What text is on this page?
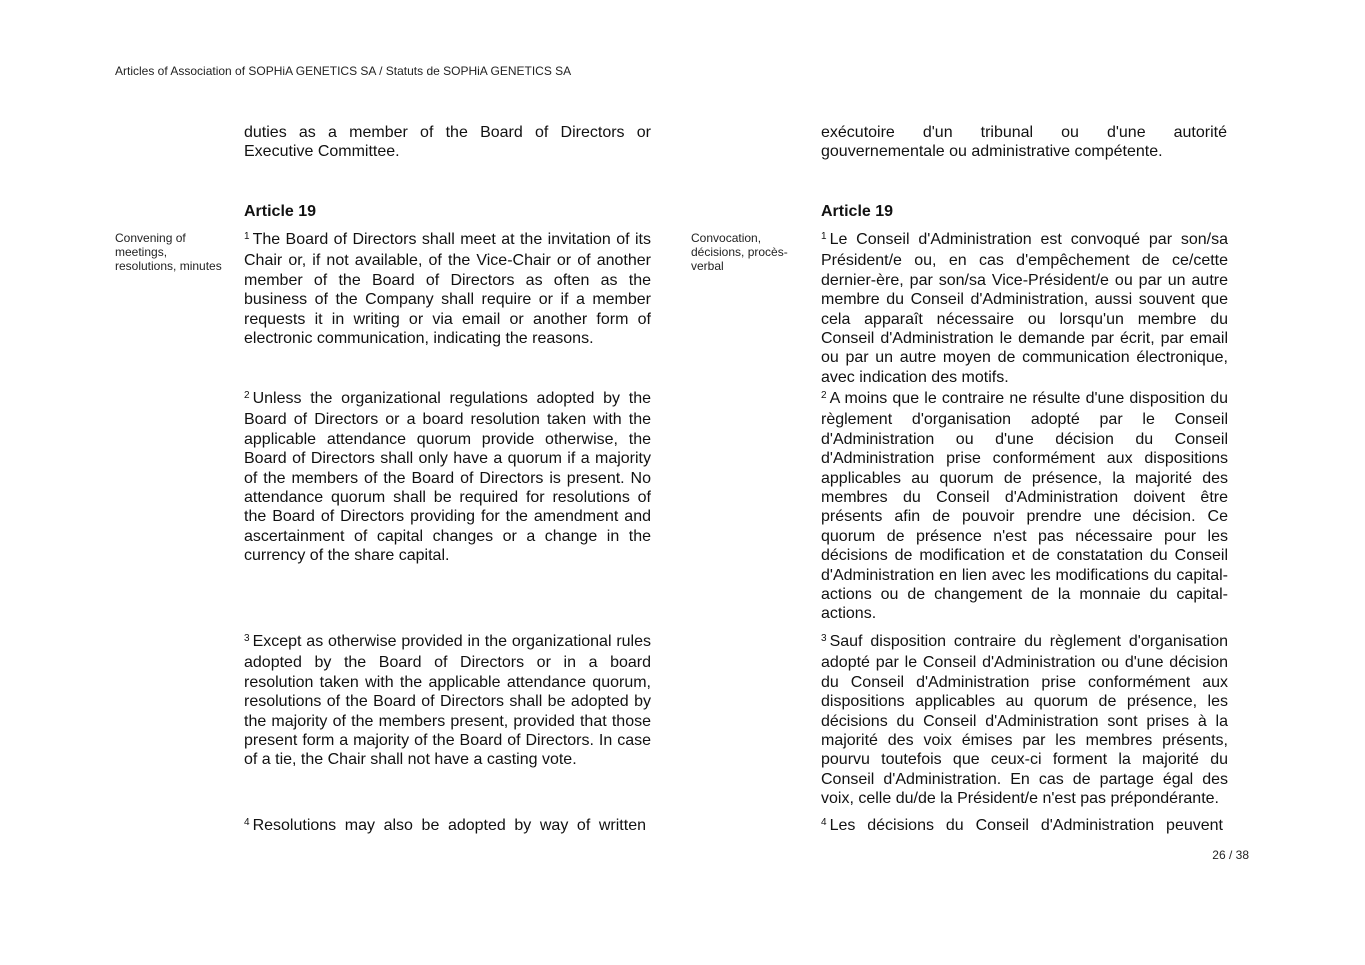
Articles of Association of SOPHiA GENETICS SA / Statuts de SOPHiA GENETICS SA

duties as a member of the Board of Directors or Executive Committee.

Article 19
Convening of meetings, resolutions, minutes

$^1$ The Board of Directors shall meet at the invitation of its Chair or, if not available, of the Vice-Chair or of another member of the Board of Directors as often as the business of the Company shall require or if a member requests it in writing or via email or another form of electronic communication, indicating the reasons.

$^2$ Unless the organizational regulations adopted by the Board of Directors or a board resolution taken with the applicable attendance quorum provide otherwise, the Board of Directors shall only have a quorum if a majority of the members of the Board of Directors is present. No attendance quorum shall be required for resolutions of the Board of Directors providing for the amendment and ascertainment of capital changes or a change in the currency of the share capital.

$^3$ Except as otherwise provided in the organizational rules adopted by the Board of Directors or in a board resolution taken with the applicable attendance quorum, resolutions of the Board of Directors shall be adopted by the majority of the members present, provided that those present form a majority of the Board of Directors. In case of a tie, the Chair shall not have a casting vote.

$^4$ Resolutions may also be adopted by way of written

exécutoire d'un tribunal ou d'une autorité gouvernementale ou administrative compétente.

Article 19
Convocation, décisions, procès-verbal

$^1$ Le Conseil d'Administration est convoqué par son/sa Président/e ou, en cas d'empêchement de ce/cette dernier-ère, par son/sa Vice-Président/e ou par un autre membre du Conseil d'Administration, aussi souvent que cela apparaît nécessaire ou lorsqu'un membre du Conseil d'Administration le demande par écrit, par email ou par un autre moyen de communication électronique, avec indication des motifs.

$^2$ A moins que le contraire ne résulte d'une disposition du règlement d'organisation adopté par le Conseil d'Administration ou d'une décision du Conseil d'Administration prise conformément aux dispositions applicables au quorum de présence, la majorité des membres du Conseil d'Administration doivent être présents afin de pouvoir prendre une décision. Ce quorum de présence n'est pas nécessaire pour les décisions de modification et de constatation du Conseil d'Administration en lien avec les modifications du capital-actions ou de changement de la monnaie du capital-actions.

$^3$ Sauf disposition contraire du règlement d'organisation adopté par le Conseil d'Administration ou d'une décision du Conseil d'Administration prise conformément aux dispositions applicables au quorum de présence, les décisions du Conseil d'Administration sont prises à la majorité des voix émises par les membres présents, pourvu toutefois que ceux-ci forment la majorité du Conseil d'Administration. En cas de partage égal des voix, celle du/de la Président/e n'est pas prépondérante.

$^4$ Les décisions du Conseil d'Administration peuvent

26 / 38
